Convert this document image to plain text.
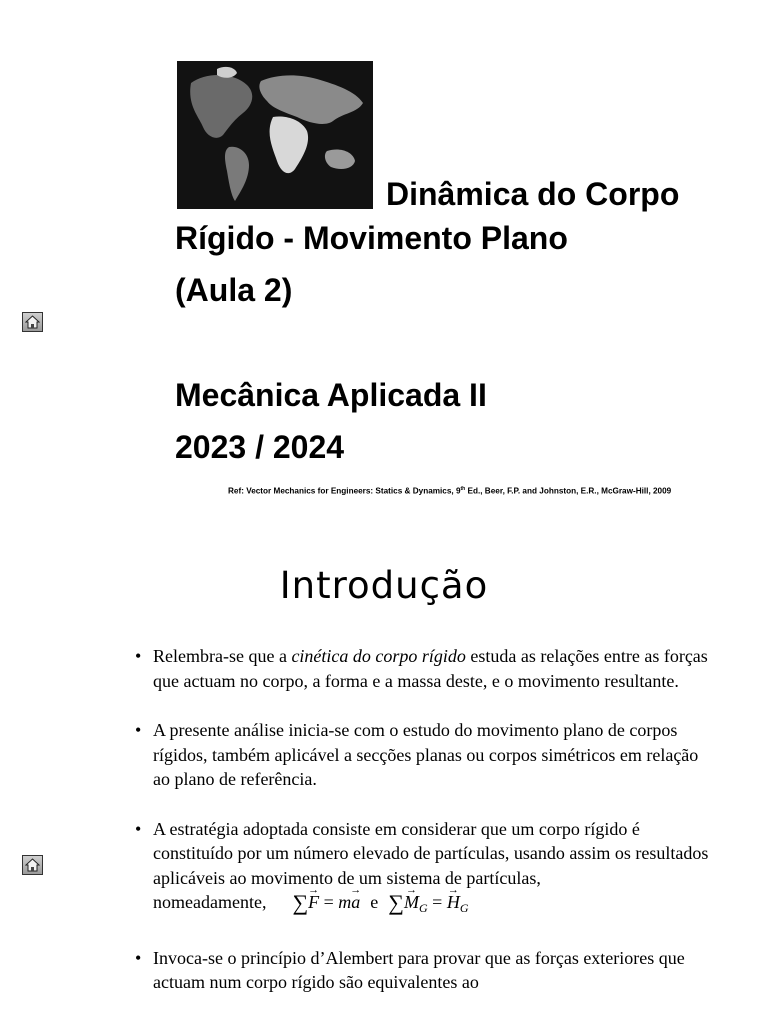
Dinâmica do Corpo
Rígido - Movimento Plano
(Aula 2)
Mecânica Aplicada II
2023 / 2024
Ref: Vector Mechanics for Engineers: Statics & Dynamics, 9th Ed., Beer, F.P. and Johnston, E.R., McGraw-Hill, 2009
Introdução
• Relembra-se que a cinética do corpo rígido estuda as relações entre as forças que actuam no corpo, a forma e a massa deste, e o movimento resultante.
• A presente análise inicia-se com o estudo do movimento plano de corpos rígidos, também aplicável a secções planas ou corpos simétricos em relação ao plano de referência.
• A estratégia adoptada consiste em considerar que um corpo rígido é constituído por um número elevado de partículas, usando assim os resultados aplicáveis ao movimento de um sistema de partículas, nomeadamente, ∑F → = ma → e $\sum M \to_G = H \to_G$
• Invoca-se o princípio d’Alembert para provar que as forças exteriores que actuam num corpo rígido são equivalentes ao
